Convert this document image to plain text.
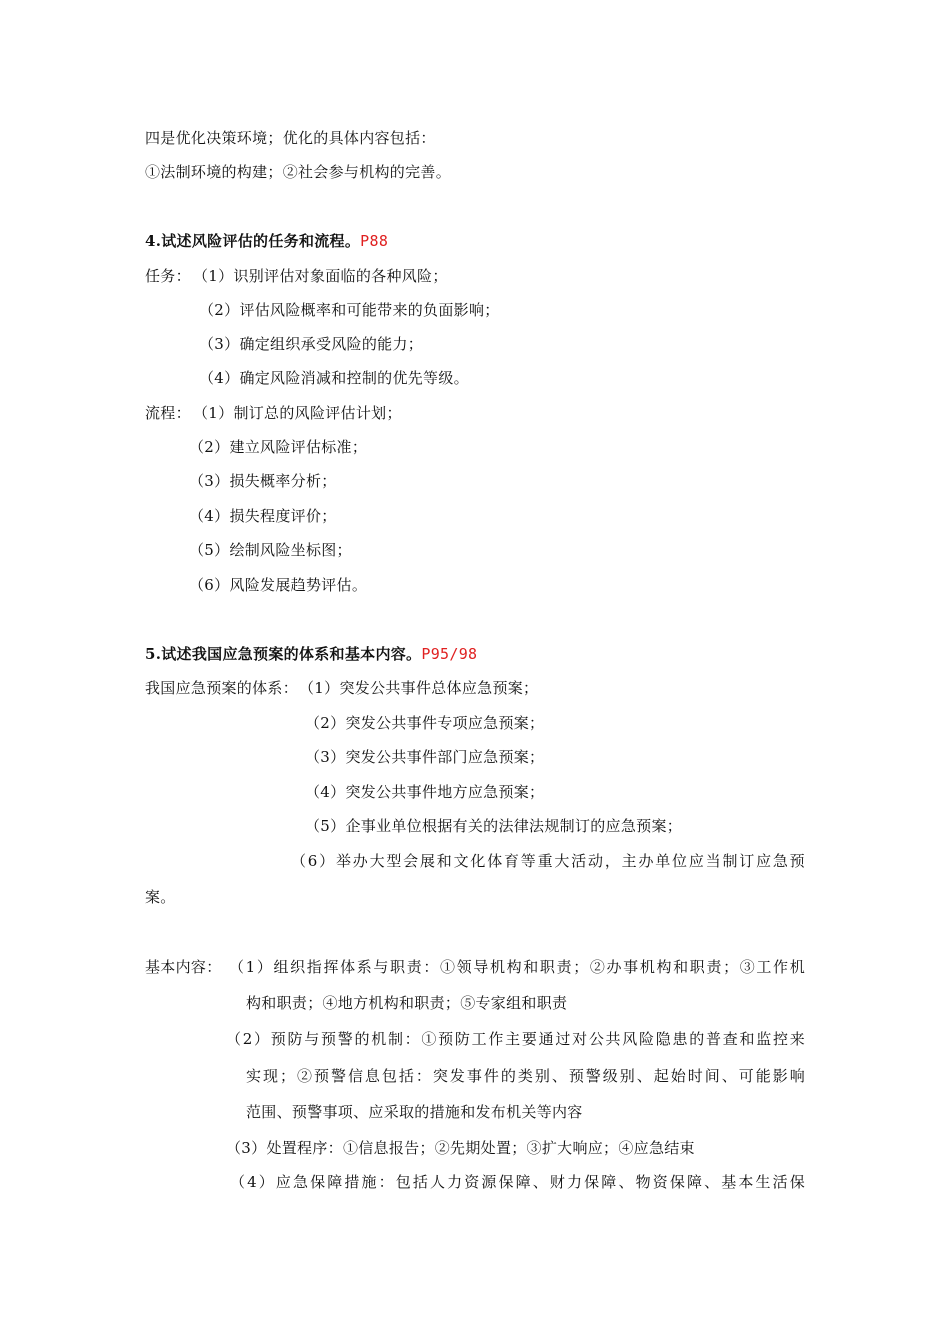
四是优化决策环境；优化的具体内容包括：
①法制环境的构建；②社会参与机构的完善。
4.试述风险评估的任务和流程。P88
任务： （1）识别评估对象面临的各种风险；
（2）评估风险概率和可能带来的负面影响；
（3）确定组织承受风险的能力；
（4）确定风险消减和控制的优先等级。
流程： （1）制订总的风险评估计划；
（2）建立风险评估标准；
（3）损失概率分析；
（4）损失程度评价；
（5）绘制风险坐标图；
（6）风险发展趋势评估。
5.试述我国应急预案的体系和基本内容。P95/98
我国应急预案的体系： （1）突发公共事件总体应急预案；
（2）突发公共事件专项应急预案；
（3）突发公共事件部门应急预案；
（4）突发公共事件地方应急预案；
（5）企事业单位根据有关的法律法规制订的应急预案；
（6）举办大型会展和文化体育等重大活动，主办单位应当制订应急预
案。
基本内容： （1）组织指挥体系与职责：①领导机构和职责；②办事机构和职责；③工作机
构和职责；④地方机构和职责；⑤专家组和职责
（2）预防与预警的机制：①预防工作主要通过对公共风险隐患的普查和监控来
实现；②预警信息包括：突发事件的类别、预警级别、起始时间、可能影响
范围、预警事项、应采取的措施和发布机关等内容
（3）处置程序：①信息报告；②先期处置；③扩大响应；④应急结束
（4）应急保障措施：包括人力资源保障、财力保障、物资保障、基本生活保
